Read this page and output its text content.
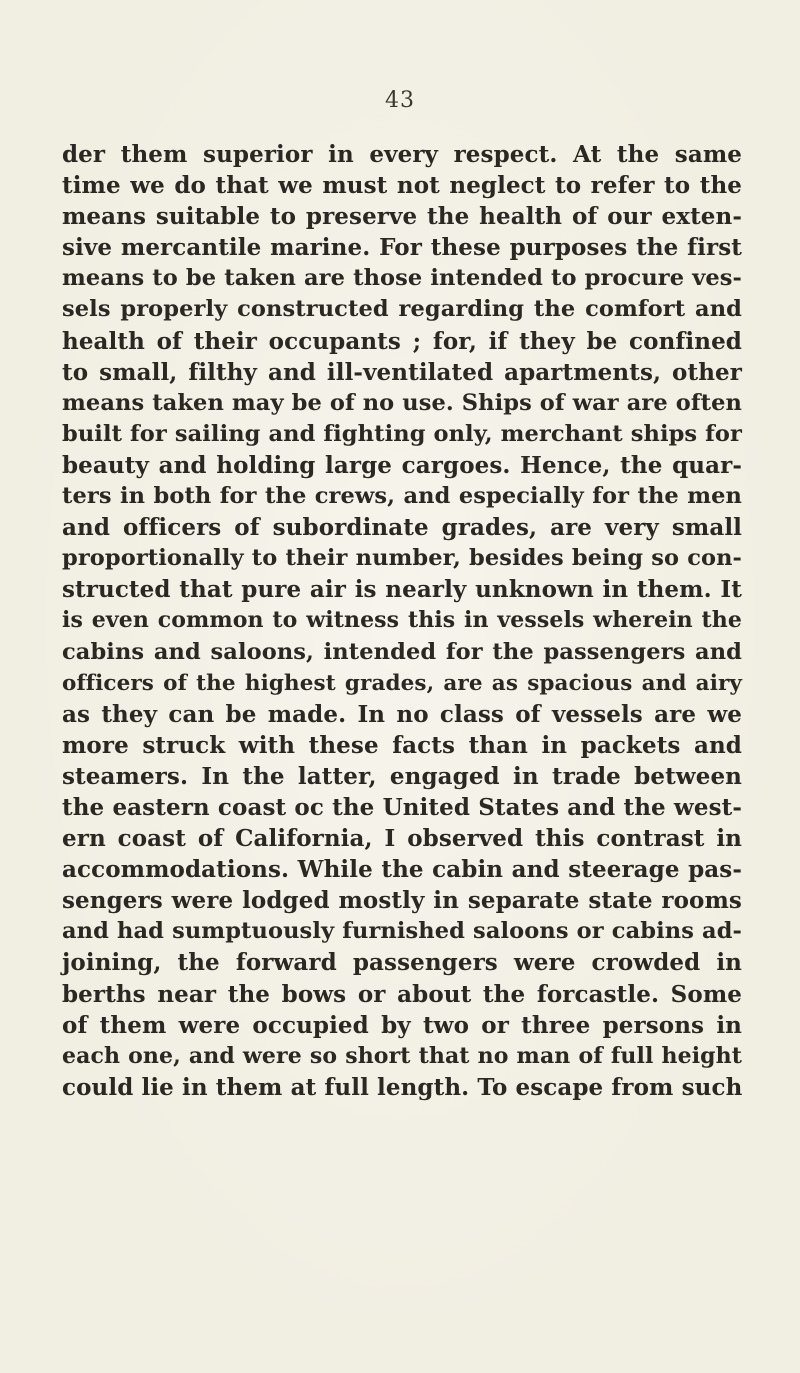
43
der them superior in every respect. At the same
time we do that we must not neglect to refer to the
means suitable to preserve the health of our exten-
sive mercantile marine. For these purposes the first
means to be taken are those intended to procure ves-
sels properly constructed regarding the comfort and
health of their occupants ; for, if they be confined
to small, filthy and ill-ventilated apartments, other
means taken may be of no use. Ships of war are often
built for sailing and fighting only, merchant ships for
beauty and holding large cargoes. Hence, the quar-
ters in both for the crews, and especially for the men
and officers of subordinate grades, are very small
proportionally to their number, besides being so con-
structed that pure air is nearly unknown in them. It
is even common to witness this in vessels wherein the
cabins and saloons, intended for the passengers and
officers of the highest grades, are as spacious and airy
as they can be made. In no class of vessels are we
more struck with these facts than in packets and
steamers. In the latter, engaged in trade between
the eastern coast oc the United States and the west-
ern coast of California, I observed this contrast in
accommodations. While the cabin and steerage pas-
sengers were lodged mostly in separate state rooms
and had sumptuously furnished saloons or cabins ad-
joining, the forward passengers were crowded in
berths near the bows or about the forcastle. Some
of them were occupied by two or three persons in
each one, and were so short that no man of full height
could lie in them at full length. To escape from such
